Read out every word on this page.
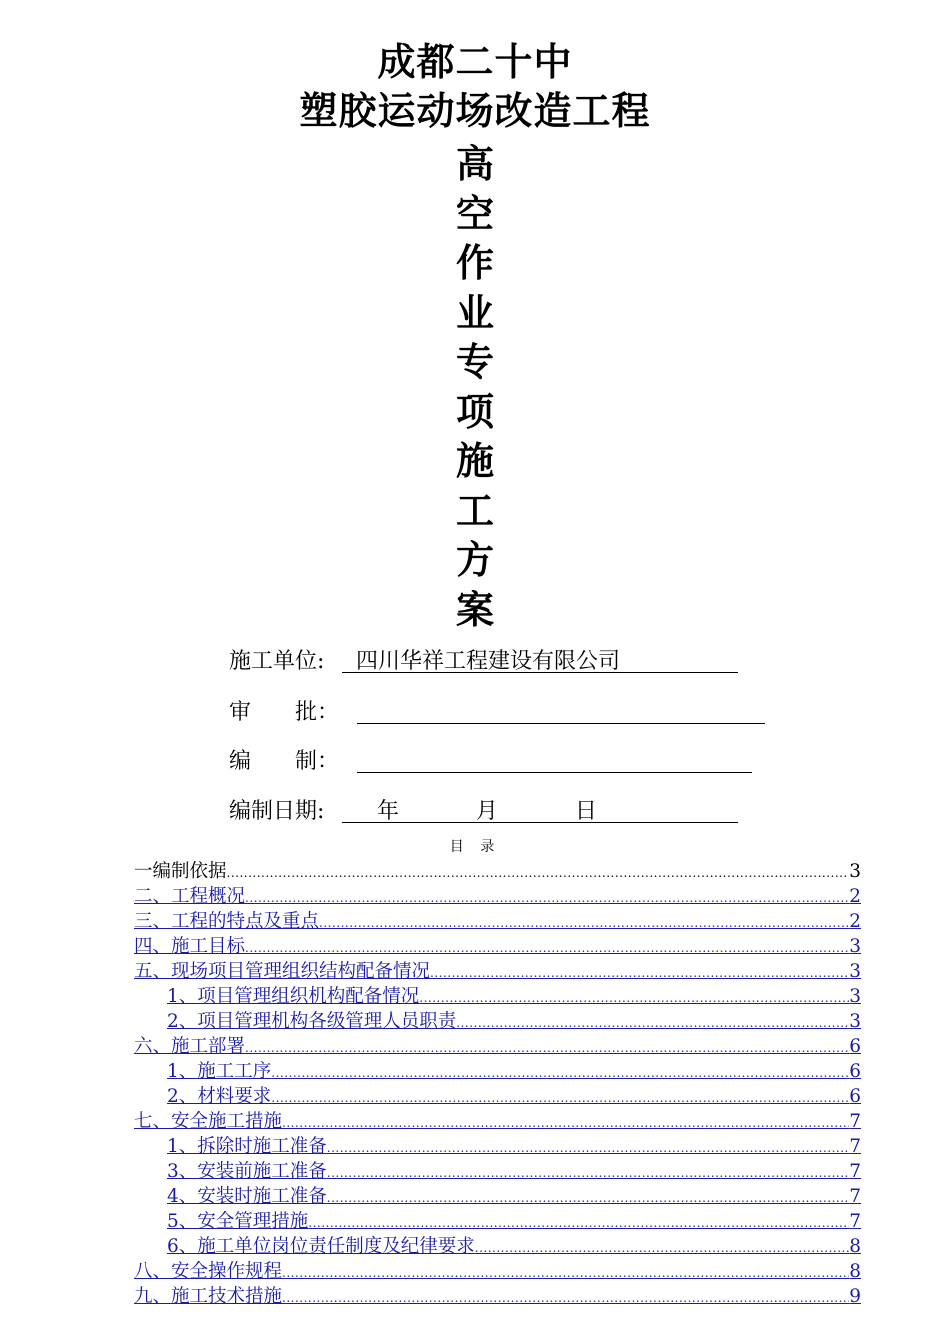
成都二十中
塑胶运动场改造工程
高
空
作
业
专
项
施
工
方
案
施工单位: 四川华祥工程建设有限公司
审　　批：
编　　制：
编制日期: 年           月           日
目 录
一编制依据 .....	3
二、工程概况 .....	2
三、工程的特点及重点 .....	2
四、施工目标 .....	3
五、现场项目管理组织结构配备情况 .....	3
1、项目管理组织机构配备情况 .....	3
2、项目管理机构各级管理人员职责 .....	3
六、施工部署 .....	6
1、施工工序 .....	6
2、材料要求 .....	6
七、安全施工措施 .....	7
1、拆除时施工准备 .....	7
3、安装前施工准备 .....	7
4、安装时施工准备 .....	7
5、安全管理措施 .....	7
6、施工单位岗位责任制度及纪律要求 .....	8
八、安全操作规程 .....	8
九、施工技术措施 .....	9
